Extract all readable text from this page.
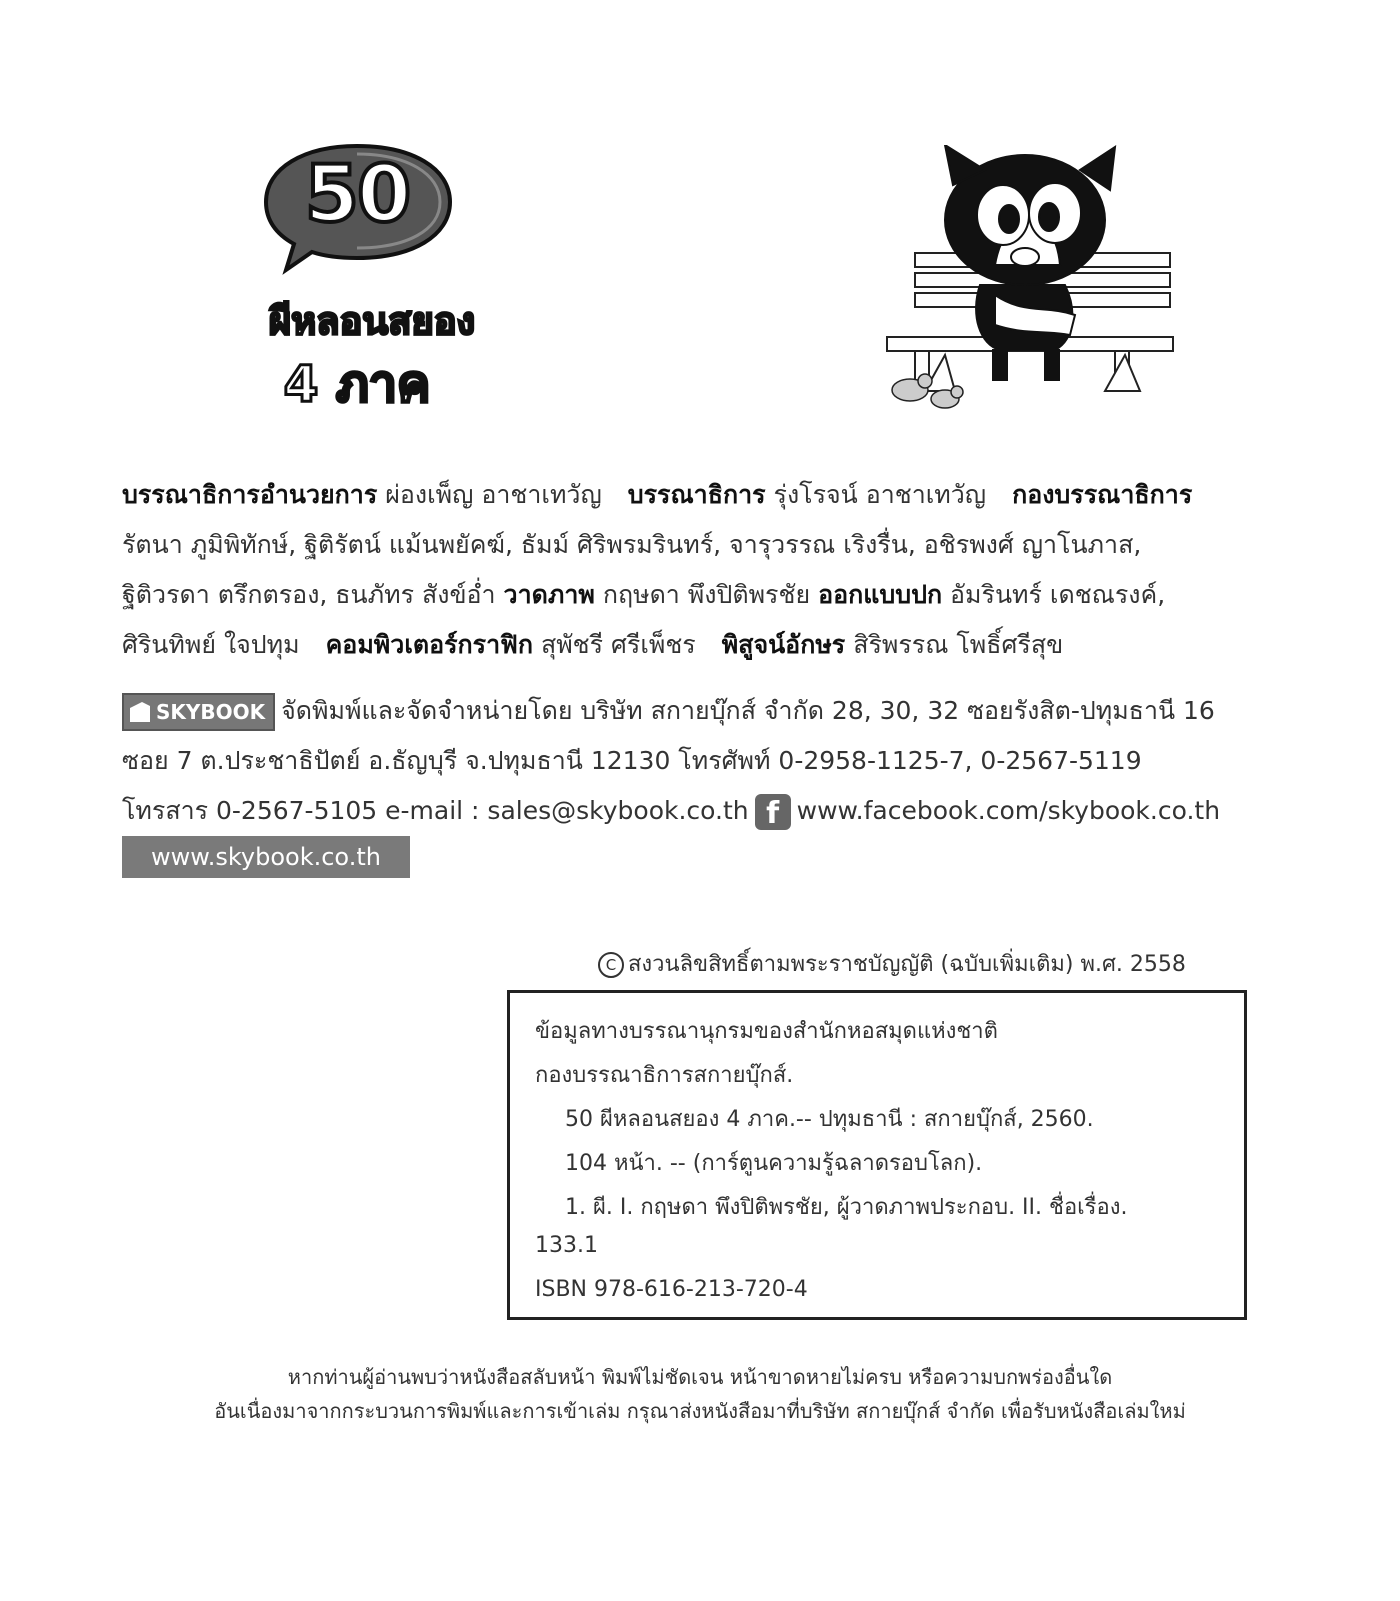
50
ผีหลอนสยอง
4 ภาค
บรรณาธิการอำนวยการ ผ่องเพ็ญ อาชาเทวัญ บรรณาธิการ รุ่งโรจน์ อาชาเทวัญ กองบรรณาธิการ
รัตนา ภูมิพิทักษ์, ฐิติรัตน์ แม้นพยัคฆ์, ธัมม์ ศิริพรมรินทร์, จารุวรรณ เริงรื่น, อชิรพงศ์ ญาโนภาส,
ฐิติวรดา ตรึกตรอง, ธนภัทร สังข์อ่ำ วาดภาพ กฤษดา พึงปิติพรชัย ออกแบบปก อัมรินทร์ เดชณรงค์,
ศิรินทิพย์ ใจปทุม คอมพิวเตอร์กราฟิก สุพัชรี ศรีเพ็ชร พิสูจน์อักษร สิริพรรณ โพธิ์ศรีสุข
SKYBOOK จัดพิมพ์และจัดจำหน่ายโดย บริษัท สกายบุ๊กส์ จำกัด 28, 30, 32 ซอยรังสิต-ปทุมธานี 16
ซอย 7 ต.ประชาธิปัตย์ อ.ธัญบุรี จ.ปทุมธานี 12130 โทรศัพท์ 0-2958-1125-7, 0-2567-5119
โทรสาร 0-2567-5105 e-mail : sales@skybook.co.th f www.facebook.com/skybook.co.th
www.skybook.co.th
C สงวนลิขสิทธิ์ตามพระราชบัญญัติ (ฉบับเพิ่มเติม) พ.ศ. 2558
ข้อมูลทางบรรณานุกรมของสำนักหอสมุดแห่งชาติ
กองบรรณาธิการสกายบุ๊กส์.
50 ผีหลอนสยอง 4 ภาค.-- ปทุมธานี : สกายบุ๊กส์, 2560.
104 หน้า. -- (การ์ตูนความรู้ฉลาดรอบโลก).
1. ผี. I. กฤษดา พึงปิติพรชัย, ผู้วาดภาพประกอบ. II. ชื่อเรื่อง.
133.1
ISBN 978-616-213-720-4
หากท่านผู้อ่านพบว่าหนังสือสลับหน้า พิมพ์ไม่ชัดเจน หน้าขาดหายไม่ครบ หรือความบกพร่องอื่นใด
อันเนื่องมาจากกระบวนการพิมพ์และการเข้าเล่ม กรุณาส่งหนังสือมาที่บริษัท สกายบุ๊กส์ จำกัด เพื่อรับหนังสือเล่มใหม่
